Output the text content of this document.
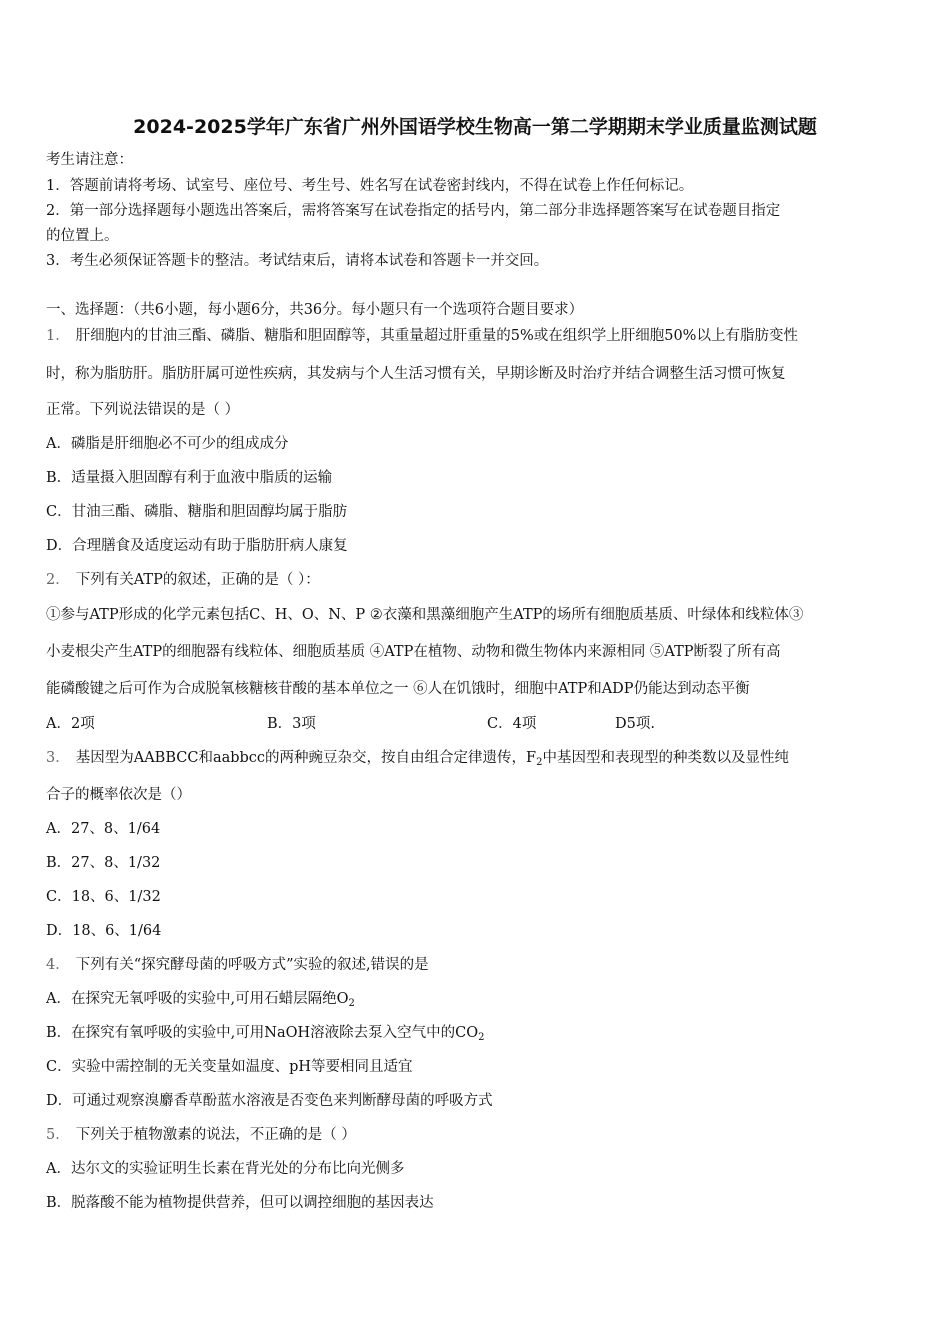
2024-2025学年广东省广州外国语学校生物高一第二学期期末学业质量监测试题
考生请注意：
1．答题前请将考场、试室号、座位号、考生号、姓名写在试卷密封线内，不得在试卷上作任何标记。
2．第一部分选择题每小题选出答案后，需将答案写在试卷指定的括号内，第二部分非选择题答案写在试卷题目指定
的位置上。
3．考生必须保证答题卡的整洁。考试结束后，请将本试卷和答题卡一并交回。
一、选择题：（共6小题，每小题6分，共36分。每小题只有一个选项符合题目要求）
1． 肝细胞内的甘油三酯、磷脂、糖脂和胆固醇等，其重量超过肝重量的5%或在组织学上肝细胞50%以上有脂肪变性
时，称为脂肪肝。脂肪肝属可逆性疾病，其发病与个人生活习惯有关，早期诊断及时治疗并结合调整生活习惯可恢复
正常。下列说法错误的是（ ）
A．磷脂是肝细胞必不可少的组成成分
B．适量摄入胆固醇有利于血液中脂质的运输
C．甘油三酯、磷脂、糖脂和胆固醇均属于脂肪
D．合理膳食及适度运动有助于脂肪肝病人康复
2． 下列有关ATP的叙述，正确的是（ ）：
①参与ATP形成的化学元素包括C、H、O、N、P ②衣藻和黑藻细胞产生ATP的场所有细胞质基质、叶绿体和线粒体③
小麦根尖产生ATP的细胞器有线粒体、细胞质基质 ④ATP在植物、动物和微生物体内来源相同 ⑤ATP断裂了所有高
能磷酸键之后可作为合成脱氧核糖核苷酸的基本单位之一 ⑥人在饥饿时，细胞中ATP和ADP仍能达到动态平衡
A．2项	B．3项	C．4项	D5项.
3． 基因型为AABBCC和aabbcc的两种豌豆杂交，按自由组合定律遗传，$F_2$中基因型和表现型的种类数以及显性纯
合子的概率依次是（）
A．27、8、1/64
B．27、8、1/32
C．18、6、1/32
D．18、6、1/64
4． 下列有关“探究酵母菌的呼吸方式”实验的叙述,错误的是
A．在探究无氧呼吸的实验中,可用石蜡层隔绝$O_2$
B．在探究有氧呼吸的实验中,可用NaOH溶液除去泵入空气中的$CO_2$
C．实验中需控制的无关变量如温度、pH等要相同且适宜
D．可通过观察溴麝香草酚蓝水溶液是否变色来判断酵母菌的呼吸方式
5． 下列关于植物激素的说法，不正确的是（ ）
A．达尔文的实验证明生长素在背光处的分布比向光侧多
B．脱落酸不能为植物提供营养，但可以调控细胞的基因表达
